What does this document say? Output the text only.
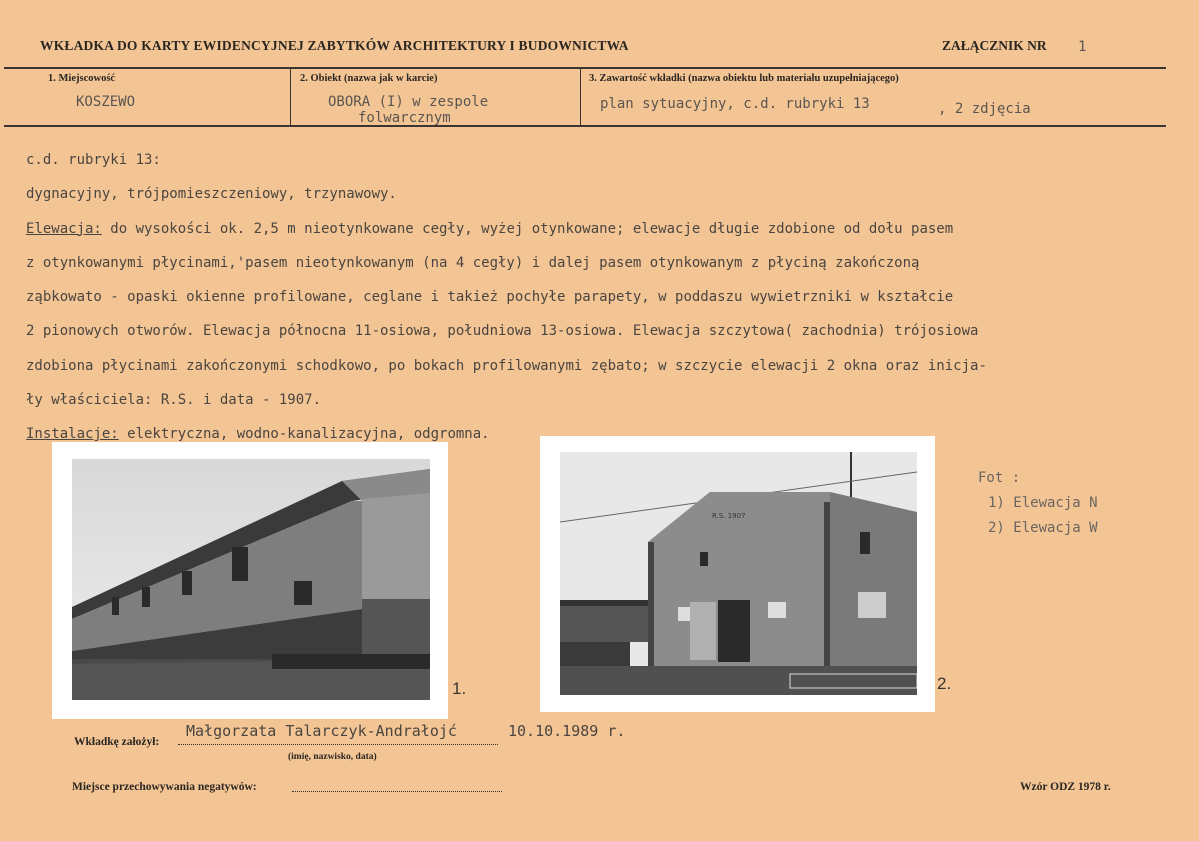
WKŁADKA DO KARTY EWIDENCYJNEJ ZABYTKÓW ARCHITEKTURY I BUDOWNICTWA	ZAŁĄCZNIK NR 1
1. Miejscowość
KOSZEWO
2. Obiekt (nazwa jak w karcie)
OBORA (I) w zespole
folwarcznym
3. Zawartość wkładki (nazwa obiektu lub materiału uzupełniającego)
plan sytuacyjny, c.d. rubryki 13	, 2 zdjęcia

c.d. rubryki 13:

dygnacyjny, trójpomieszczeniowy, trzynawowy.

Elewacja: do wysokości ok. 2,5 m nieotynkowane cegły, wyżej otynkowane; elewacje długie zdobione od dołu pasem

z otynkowanymi płycinami,'pasem nieotynkowanym (na 4 cegły) i dalej pasem otynkowanym z płyciną zakończoną

ząbkowato - opaski okienne profilowane, ceglane i takież pochyłe parapety, w poddaszu wywietrzniki w kształcie

2 pionowych otworów. Elewacja północna 11-osiowa, południowa 13-osiowa. Elewacja szczytowa( zachodnia) trójosiowa

zdobiona płycinami zakończonymi schodkowo, po bokach profilowanymi zębato; w szczycie elewacji 2 okna oraz inicja-

ły właściciela: R.S. i data - 1907.

Instalacje: elektryczna, wodno-kanalizacyjna, odgromna.

1.
R.S. 1907
2.
Fot :
1) Elewacja N
2) Elewacja W
Wkładkę założył:
Małgorzata Talarczyk-Andrałojć	10.10.1989 r.
(imię, nazwisko, data)
Miejsce przechowywania negatywów:	Wzór ODZ 1978 r.
